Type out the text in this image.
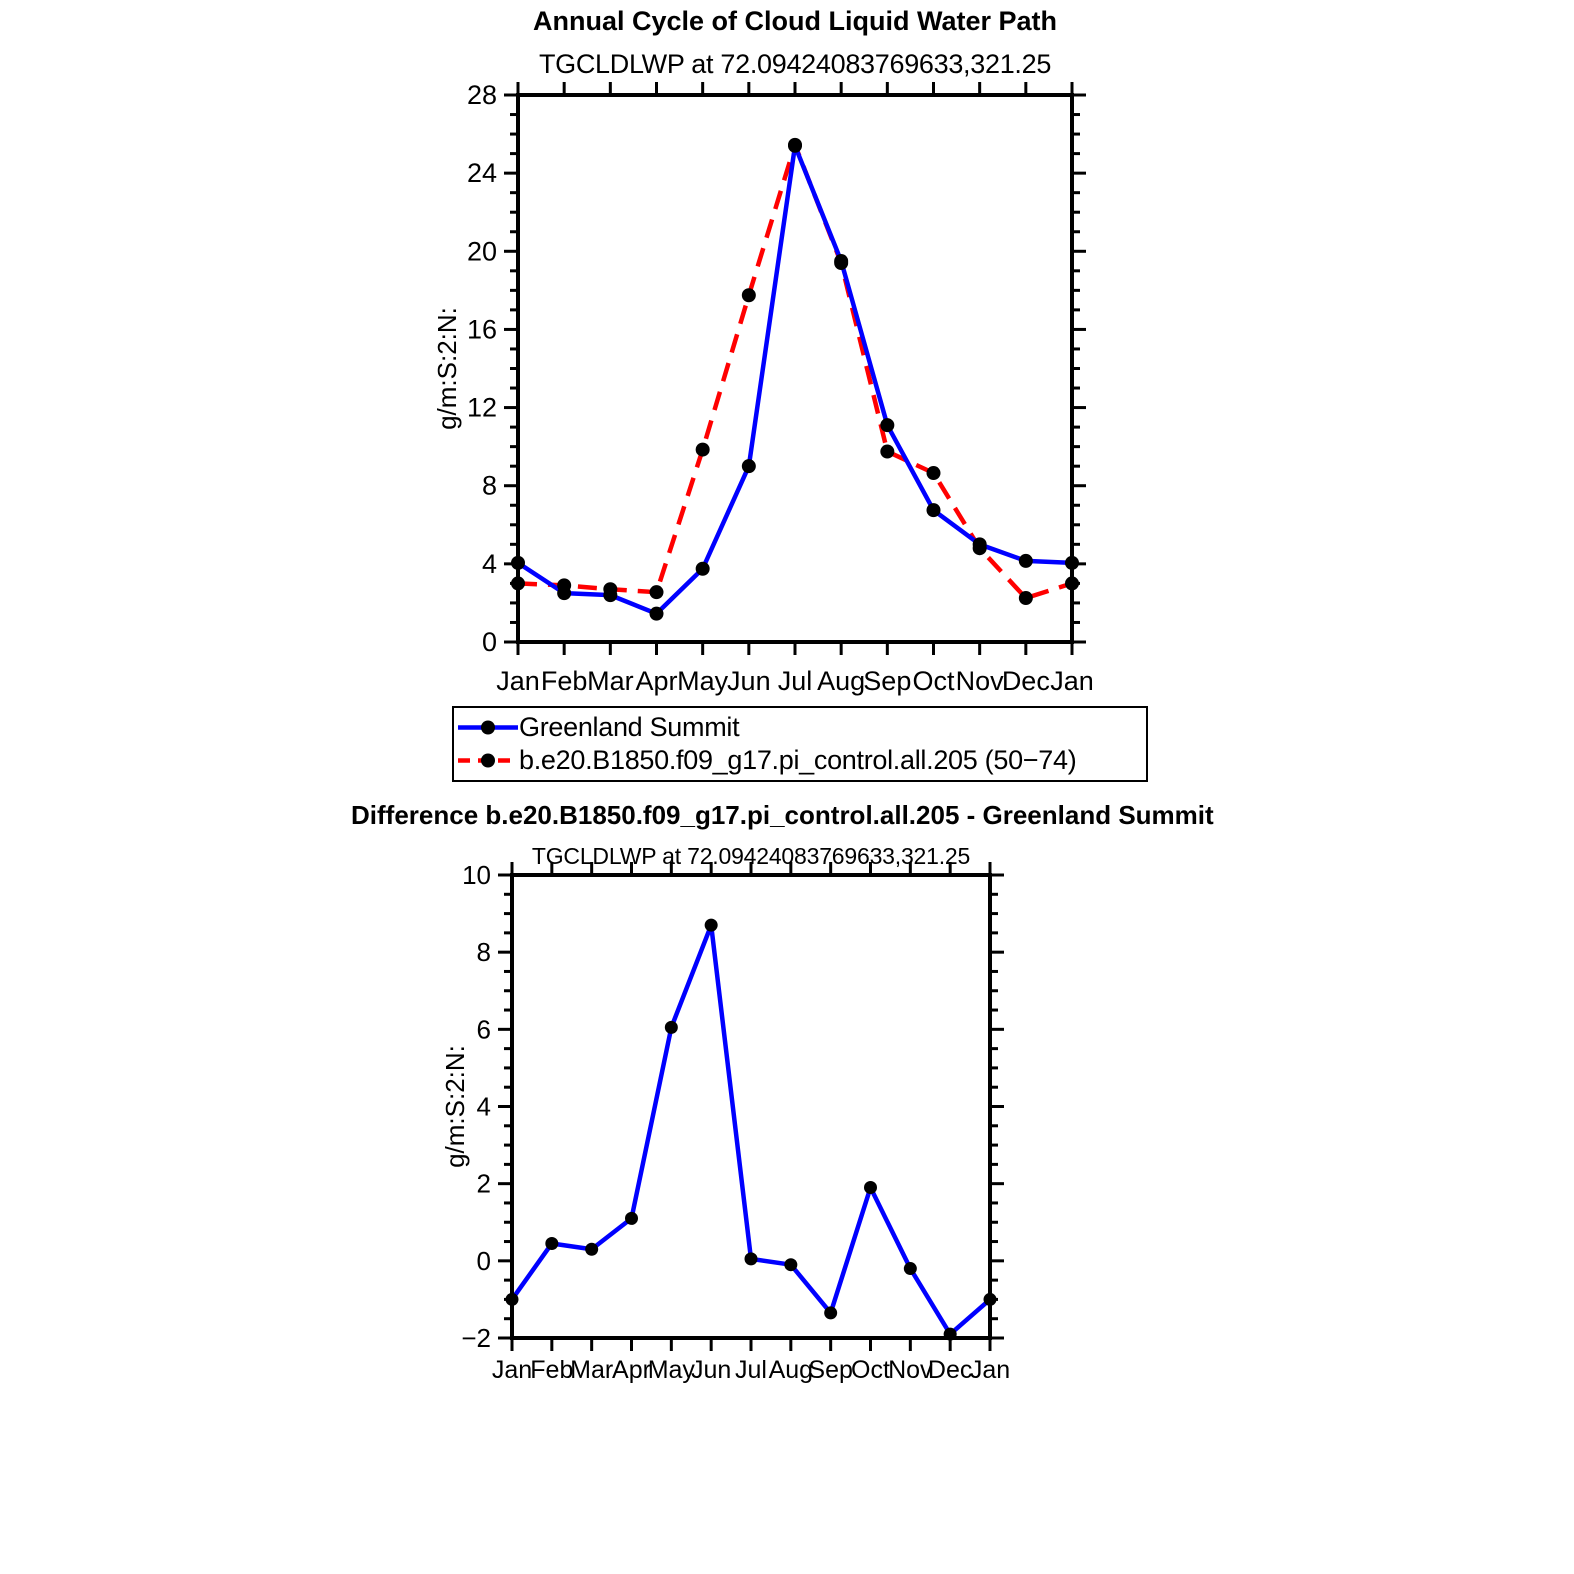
Annual Cycle of Cloud Liquid Water Path
TGCLDLWP at 72.09424083769633,321.25
Difference b.e20.B1850.f09_g17.pi_control.all.205 - Greenland Summit
TGCLDLWP at 72.09424083769633,321.25
0
4
8
12
16
20
24
28
Jan Feb Mar Apr May
Jun Jul Aug
Sep Oct Nov
Dec Jan
g/m:S:2:N:
−2
0
2
4
6
8
10
Jan
Feb
Mar
Apr
May
Jun Jul Aug
Sep
Oct
Nov
Dec
Jan
g/m:S:2:N:
Greenland Summit
b.e20.B1850.f09_g17.pi_control.all.205 (50−74)
